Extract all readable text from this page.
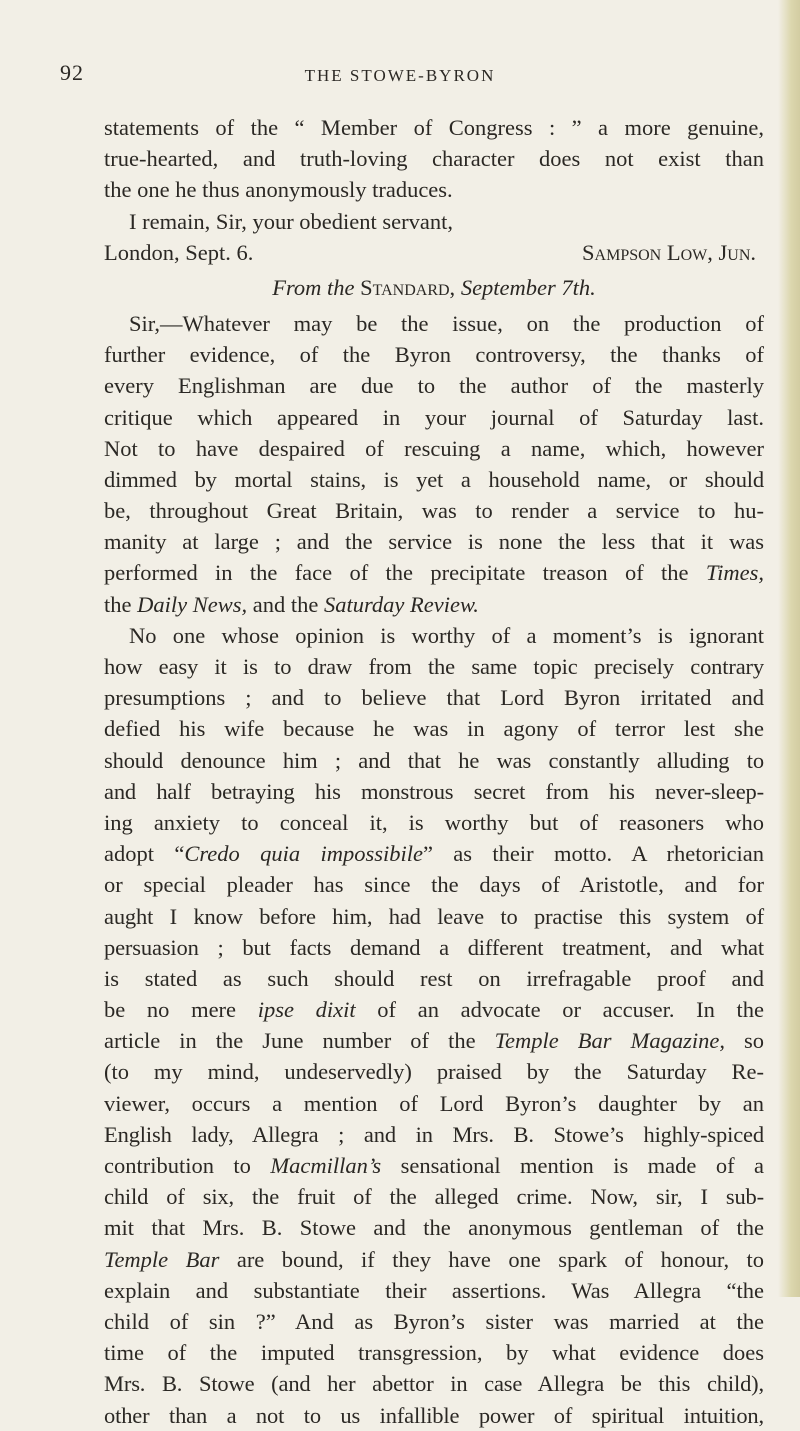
92	THE STOWE-BYRON
statements of the “ Member of Congress : ” a more genuine,
true-hearted, and truth-loving character does not exist than
the one he thus anonymously traduces.
I remain, Sir, your obedient servant,
London, Sept. 6.	Sampson Low, Jun.
From the Standard, September 7th.
Sir,—Whatever may be the issue, on the production of
further evidence, of the Byron controversy, the thanks of
every Englishman are due to the author of the masterly
critique which appeared in your journal of Saturday last.
Not to have despaired of rescuing a name, which, however
dimmed by mortal stains, is yet a household name, or should
be, throughout Great Britain, was to render a service to hu-
manity at large ; and the service is none the less that it was
performed in the face of the precipitate treason of the Times,
the Daily News, and the Saturday Review.
No one whose opinion is worthy of a moment’s is ignorant
how easy it is to draw from the same topic precisely contrary
presumptions ; and to believe that Lord Byron irritated and
defied his wife because he was in agony of terror lest she
should denounce him ; and that he was constantly alluding to
and half betraying his monstrous secret from his never-sleep-
ing anxiety to conceal it, is worthy but of reasoners who
adopt “Credo quia impossibile” as their motto. A rhetorician
or special pleader has since the days of Aristotle, and for
aught I know before him, had leave to practise this system of
persuasion ; but facts demand a different treatment, and what
is stated as such should rest on irrefragable proof and
be no mere ipse dixit of an advocate or accuser. In the
article in the June number of the Temple Bar Magazine, so
(to my mind, undeservedly) praised by the Saturday Re-
viewer, occurs a mention of Lord Byron’s daughter by an
English lady, Allegra ; and in Mrs. B. Stowe’s highly-spiced
contribution to Macmillan’s sensational mention is made of a
child of six, the fruit of the alleged crime. Now, sir, I sub-
mit that Mrs. B. Stowe and the anonymous gentleman of the
Temple Bar are bound, if they have one spark of honour, to
explain and substantiate their assertions. Was Allegra “the
child of sin ?” And as Byron’s sister was married at the
time of the imputed transgression, by what evidence does
Mrs. B. Stowe (and her abettor in case Allegra be this child),
other than a not to us infallible power of spiritual intuition,
